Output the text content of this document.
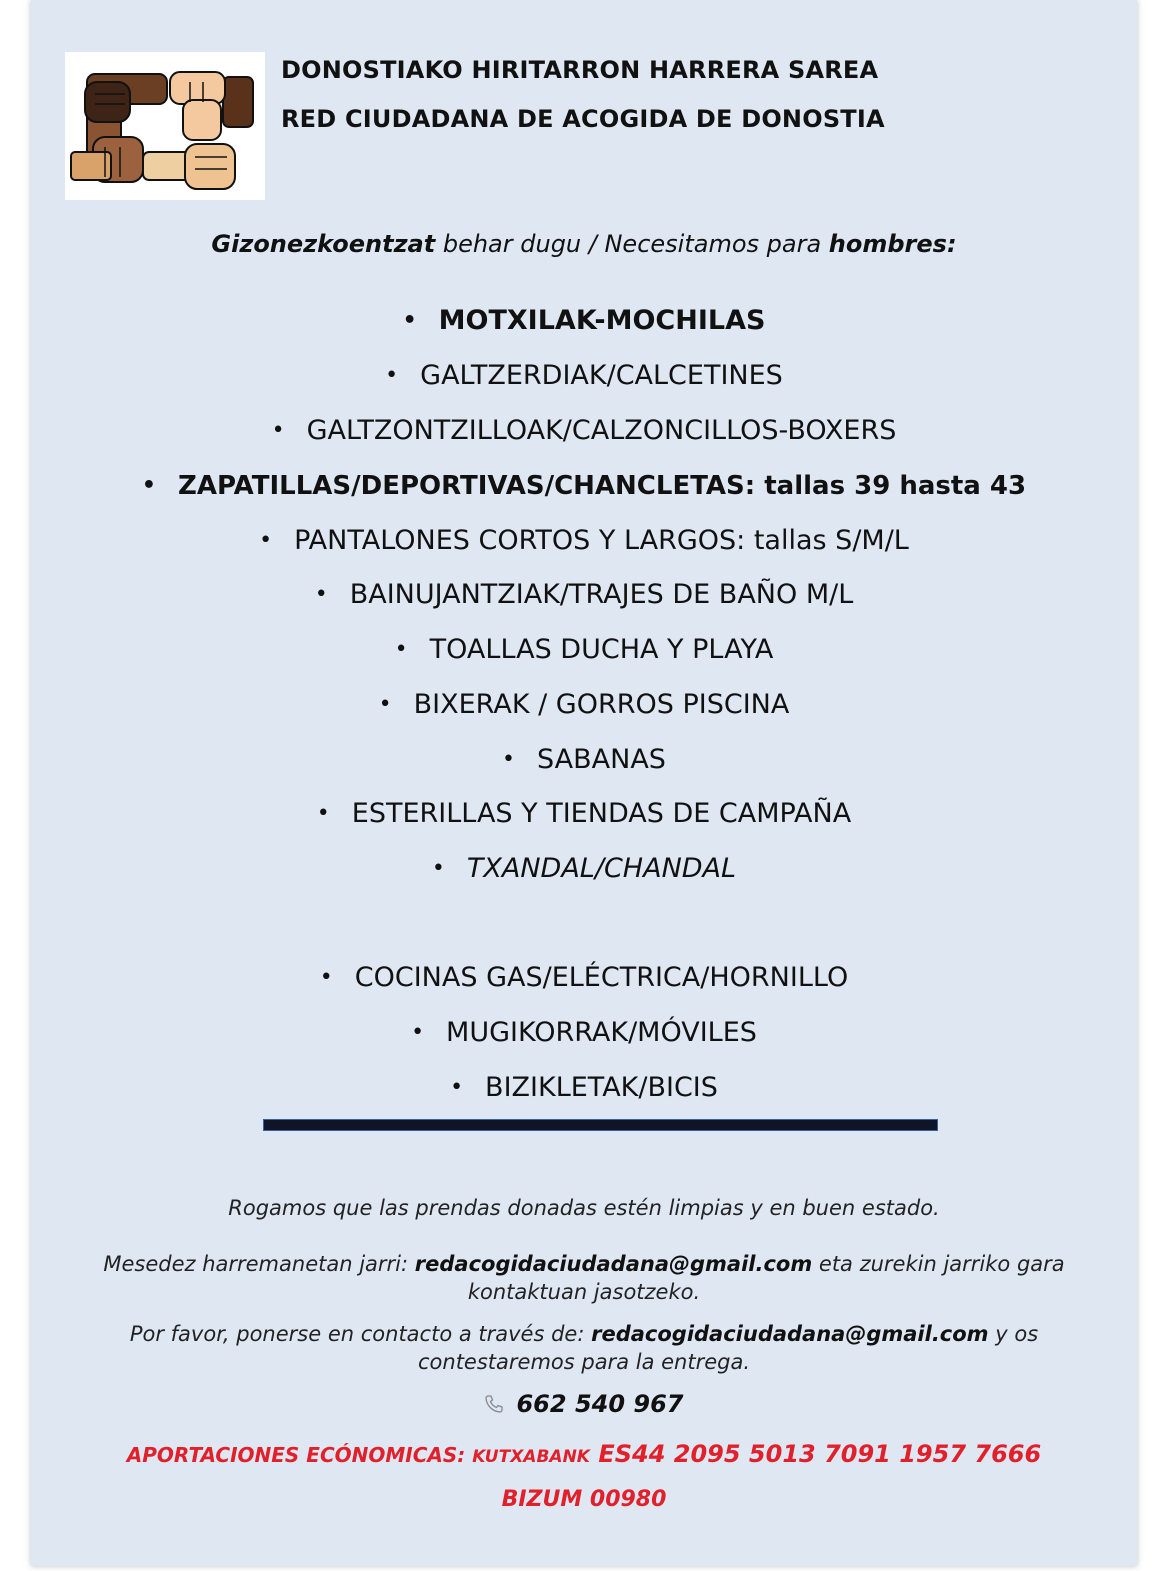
DONOSTIAKO HIRITARRON HARRERA SAREA
RED CIUDADANA DE ACOGIDA DE DONOSTIA
Gizonezkoentzat behar dugu / Necesitamos para hombres:
• MOTXILAK-MOCHILAS
• GALTZERDIAK/CALCETINES
• GALTZONTZILLOAK/CALZONCILLOS-BOXERS
• ZAPATILLAS/DEPORTIVAS/CHANCLETAS: tallas 39 hasta 43
• PANTALONES CORTOS Y LARGOS: tallas S/M/L
• BAINUJANTZIAK/TRAJES DE BAÑO M/L
• TOALLAS DUCHA Y PLAYA
• BIXERAK / GORROS PISCINA
• SABANAS
• ESTERILLAS Y TIENDAS DE CAMPAÑA
• TXANDAL/CHANDAL
• COCINAS GAS/ELÉCTRICA/HORNILLO
• MUGIKORRAK/MÓVILES
• BIZIKLETAK/BICIS
Rogamos que las prendas donadas estén limpias y en buen estado.
Mesedez harremanetan jarri: redacogidaciudadana@gmail.com eta zurekin jarriko gara kontaktuan jasotzeko.
Por favor, ponerse en contacto a través de: redacogidaciudadana@gmail.com y os contestaremos para la entrega.
662 540 967
APORTACIONES ECÓNOMICAS: KUTXABANK ES44 2095 5013 7091 1957 7666
BIZUM 00980
